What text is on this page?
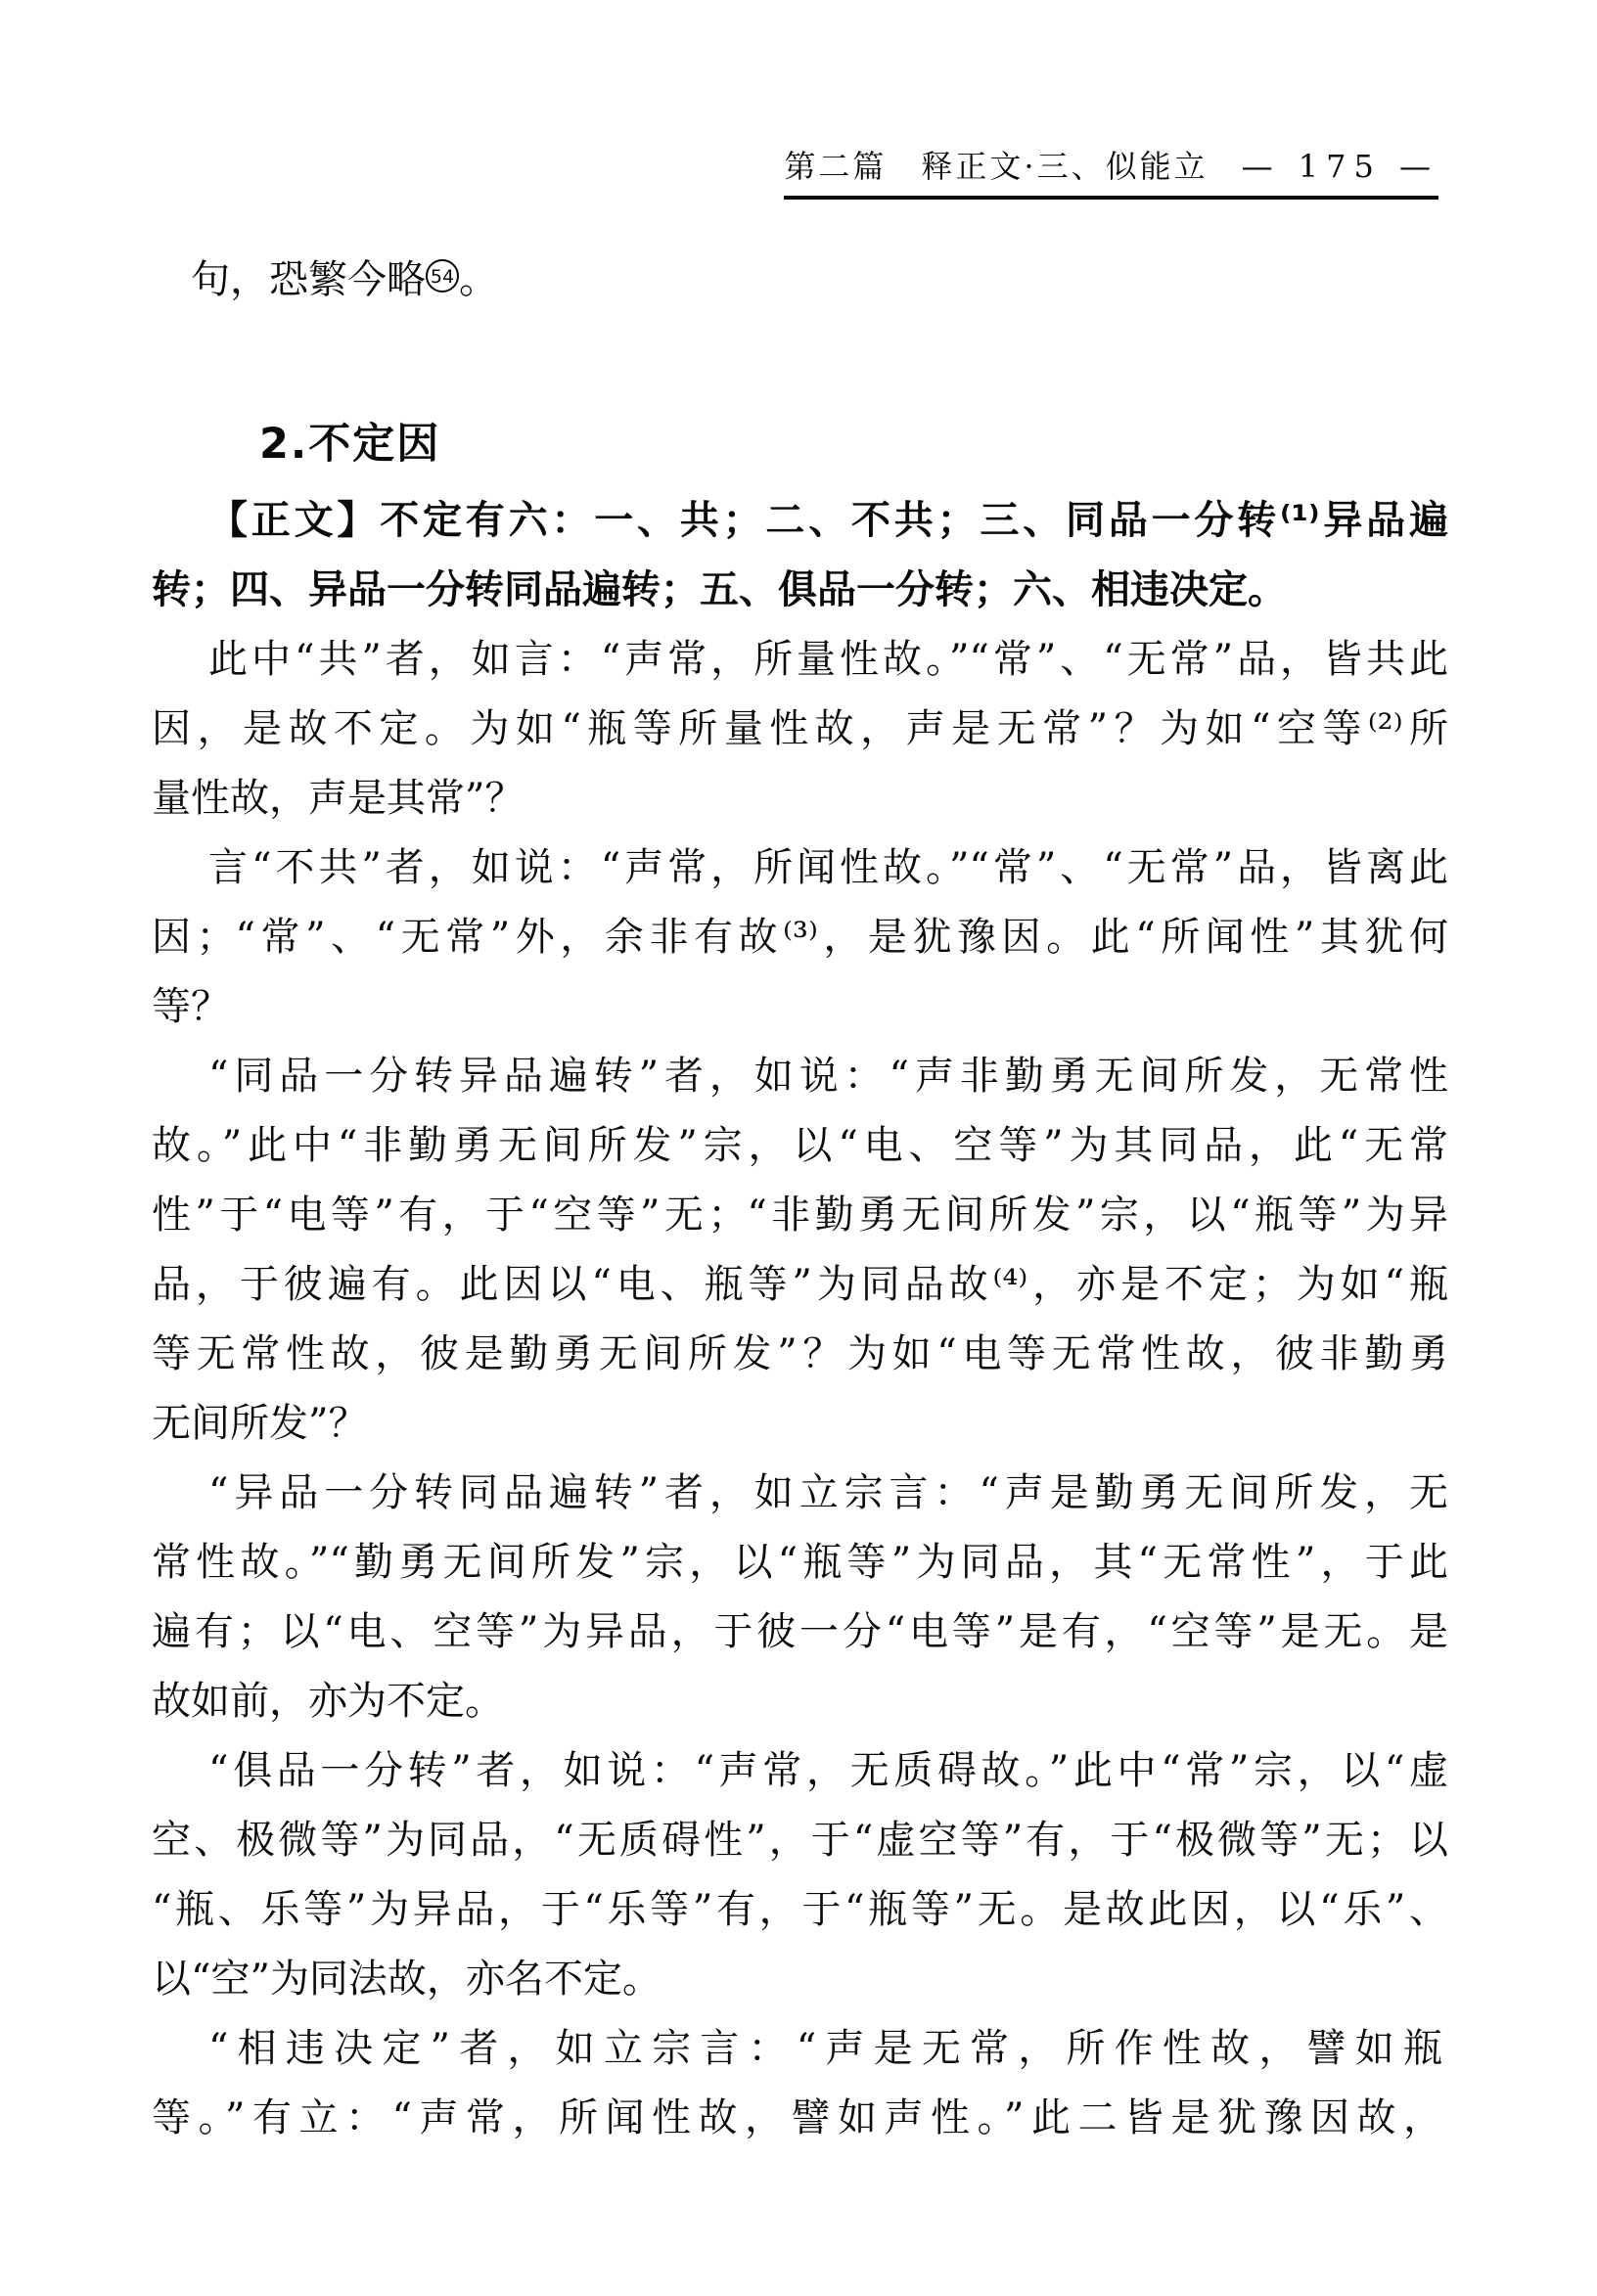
第二篇　释正文·三、似能立 — 175 —
句，恐繁今略 54 。
2.不定因
【正文】不定有六：一、共；二、不共；三、同品一分转⁽¹⁾异品遍
转；四、异品一分转同品遍转；五、俱品一分转；六、相违决定。
此中“共”者，如言：“声常，所量性故。”“常”、“无常”品，皆共此
因，是故不定。为如“瓶等所量性故，声是无常”？为如“空等⁽²⁾所
量性故，声是其常”？
言“不共”者，如说：“声常，所闻性故。”“常”、“无常”品，皆离此
因；“常”、“无常”外，余非有故⁽³⁾，是犹豫因。此“所闻性”其犹何
等？
“同品一分转异品遍转”者，如说：“声非勤勇无间所发，无常性
故。”此中“非勤勇无间所发”宗，以“电、空等”为其同品，此“无常
性”于“电等”有，于“空等”无；“非勤勇无间所发”宗，以“瓶等”为异
品，于彼遍有。此因以“电、瓶等”为同品故⁽⁴⁾，亦是不定；为如“瓶
等无常性故，彼是勤勇无间所发”？为如“电等无常性故，彼非勤勇
无间所发”？
“异品一分转同品遍转”者，如立宗言：“声是勤勇无间所发，无
常性故。”“勤勇无间所发”宗，以“瓶等”为同品，其“无常性”，于此
遍有；以“电、空等”为异品，于彼一分“电等”是有，“空等”是无。是
故如前，亦为不定。
“俱品一分转”者，如说：“声常，无质碍故。”此中“常”宗，以“虚
空、极微等”为同品，“无质碍性”，于“虚空等”有，于“极微等”无；以
“瓶、乐等”为异品，于“乐等”有，于“瓶等”无。是故此因，以“乐”、
以“空”为同法故，亦名不定。
“相违决定”者，如立宗言：“声是无常，所作性故，譬如瓶
等。”有立：“声常，所闻性故，譬如声性。”此二皆是犹豫因故，
